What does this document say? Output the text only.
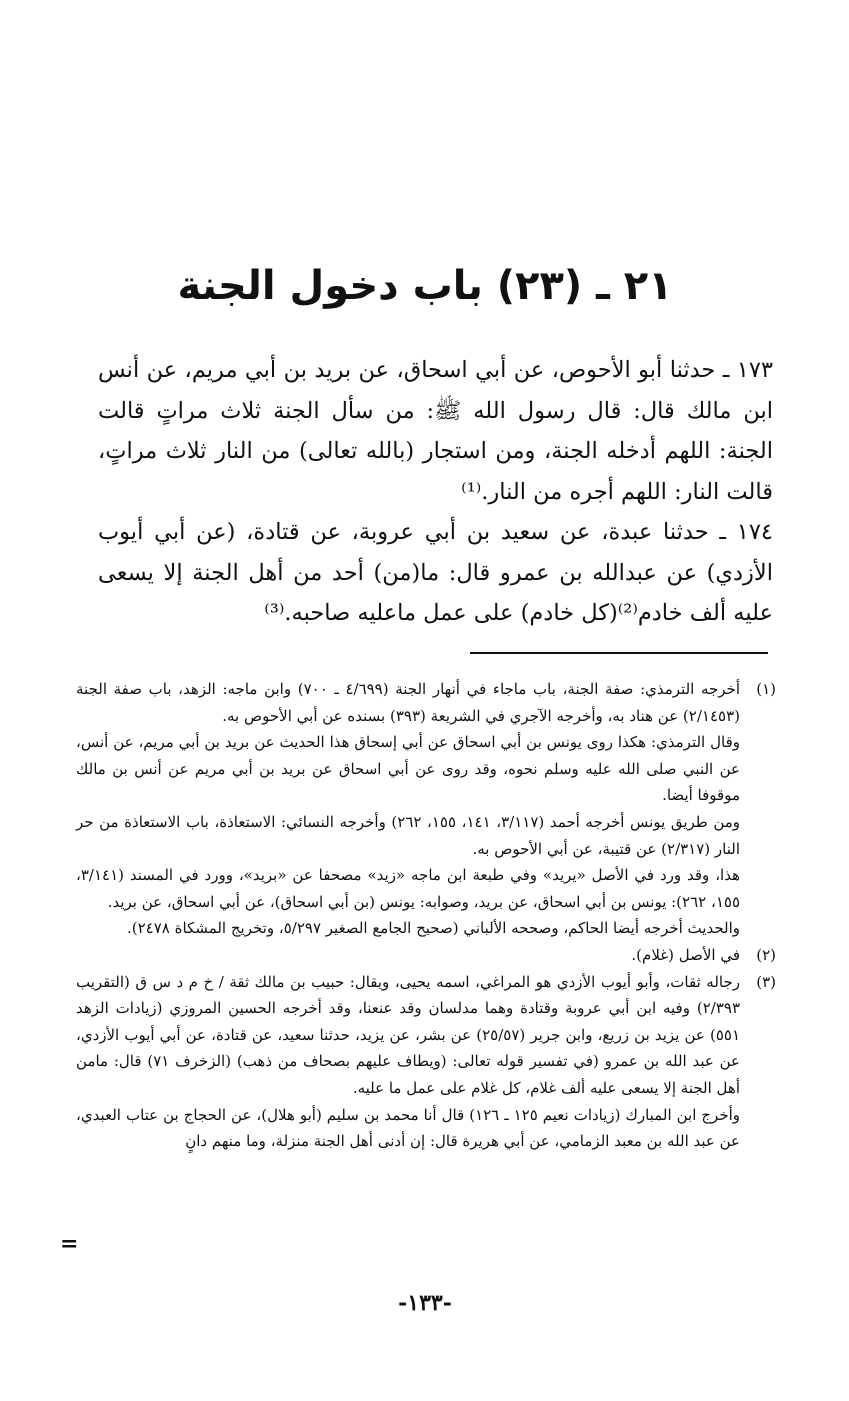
٢١ ـ (٢٣) باب دخول الجنة

١٧٣ ـ حدثنا أبو الأحوص، عن أبي اسحاق، عن بريد بن أبي مريم، عن أنس ابن مالك قال: قال رسول الله ﷺ: من سأل الجنة ثلاث مراتٍ قالت الجنة: اللهم أدخله الجنة، ومن استجار (بالله تعالى) من النار ثلاث مراتٍ، قالت النار: اللهم أجره من النار.⁽¹⁾

١٧٤ ـ حدثنا عبدة، عن سعيد بن أبي عروبة، عن قتادة، (عن أبي أيوب الأزدي) عن عبدالله بن عمرو قال: ما(من) أحد من أهل الجنة إلا يسعى عليه ألف خادم⁽²⁾(كل خادم) على عمل ماعليه صاحبه.⁽³⁾

(١)

أخرجه الترمذي: صفة الجنة، باب ماجاء في أنهار الجنة (٤/٦٩٩ ـ ٧٠٠) وابن ماجه: الزهد، باب صفة الجنة (٢/١٤٥٣) عن هناد به، وأخرجه الآجري في الشريعة (٣٩٣) بسنده عن أبي الأحوص به.

وقال الترمذي: هكذا روى يونس بن أبي اسحاق عن أبي إسحاق هذا الحديث عن بريد بن أبي مريم، عن أنس، عن النبي صلى الله عليه وسلم نحوه، وقد روى عن أبي اسحاق عن بريد بن أبي مريم عن أنس بن مالك موقوفا أيضا.

ومن طريق يونس أخرجه أحمد (٣/١١٧، ١٤١، ١٥٥، ٢٦٢) وأخرجه النسائي: الاستعاذة، باب الاستعاذة من حر النار (٢/٣١٧) عن قتيبة، عن أبي الأحوص به.

هذا، وقد ورد في الأصل «يريد» وفي طبعة ابن ماجه «زيد» مصحفا عن «بريد»، وورد في المسند (٣/١٤١، ١٥٥، ٢٦٢): يونس بن أبي اسحاق، عن بريد، وصوابه: يونس (بن أبي اسحاق)، عن أبي اسحاق، عن بريد.

والحديث أخرجه أيضا الحاكم، وصححه الألباني (صحيح الجامع الصغير ٥/٢٩٧، وتخريج المشكاة ٢٤٧٨).

(٢)

في الأصل (غلام).

(٣)

رجاله ثقات، وأبو أيوب الأزدي هو المراغي، اسمه يحيى، ويقال: حبيب بن مالك ثقة / خ م د س ق (التقريب ٢/٣٩٣) وفيه ابن أبي عروبة وقتادة وهما مدلسان وقد عنعنا، وقد أخرجه الحسين المروزي (زيادات الزهد ٥٥١) عن يزيد بن زريع، وابن جرير (٢٥/٥٧) عن بشر، عن يزيد، حدثنا سعيد، عن قتادة، عن أبي أيوب الأزدي، عن عبد الله بن عمرو (في تفسير قوله تعالى: (ويطاف عليهم بصحاف من ذهب) (الزخرف ٧١) قال: مامن أهل الجنة إلا يسعى عليه ألف غلام، كل غلام على عمل ما عليه.

وأخرج ابن المبارك (زيادات نعيم ١٢٥ ـ ١٢٦) قال أنا محمد بن سليم (أبو هلال)، عن الحجاج بن عتاب العبدي، عن عبد الله بن معبد الزمامي، عن أبي هريرة قال: إن أدنى أهل الجنة منزلة، وما منهم دانٍ

=
-١٣٣-
